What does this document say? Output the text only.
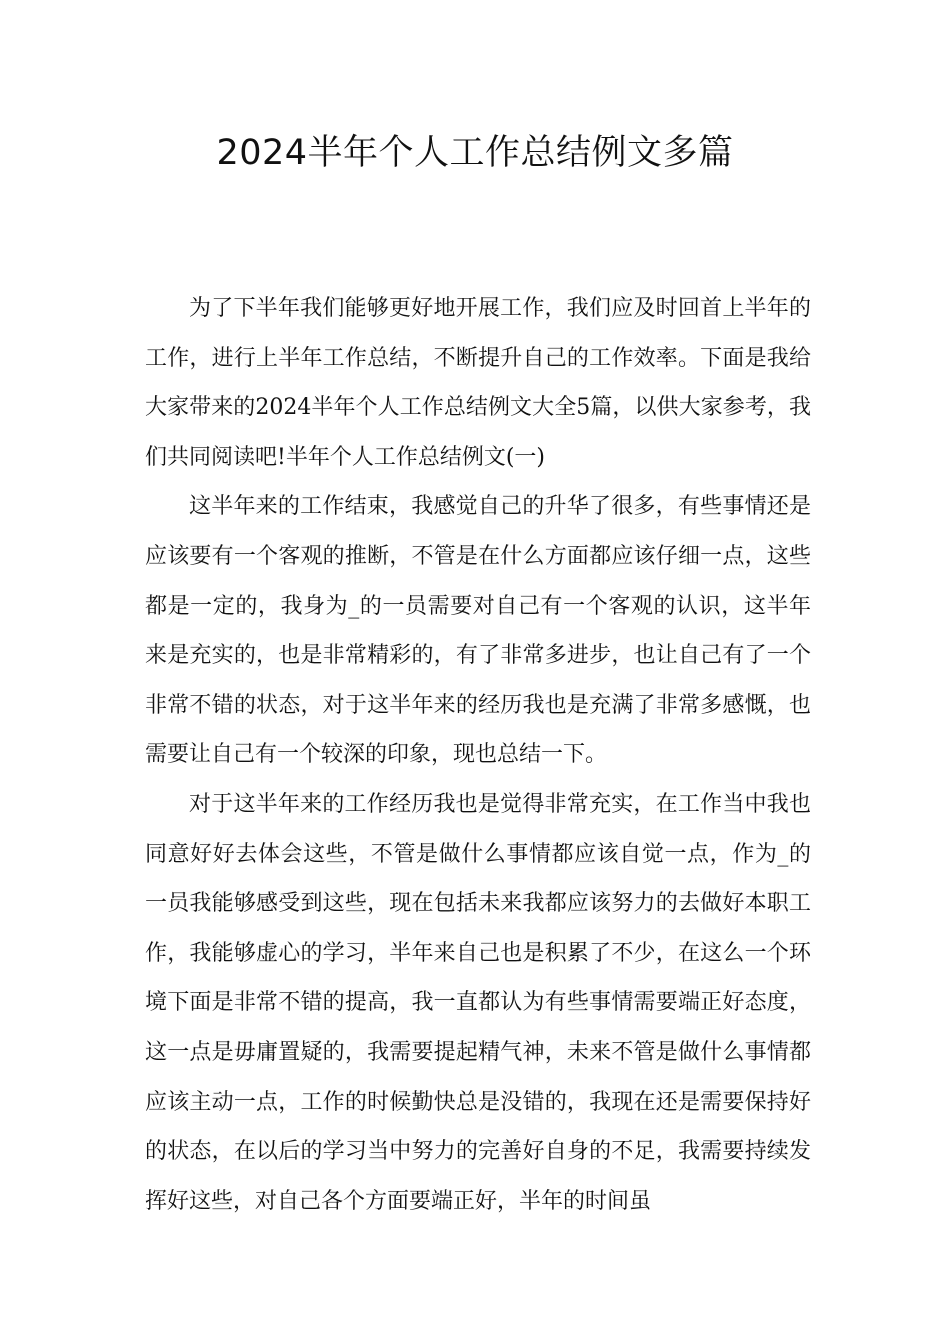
2024半年个人工作总结例文多篇

为了下半年我们能够更好地开展工作，我们应及时回首上半年的工作，进行上半年工作总结，不断提升自己的工作效率。下面是我给大家带来的2024半年个人工作总结例文大全5篇，以供大家参考，我们共同阅读吧!半年个人工作总结例文(一)

这半年来的工作结束，我感觉自己的升华了很多，有些事情还是应该要有一个客观的推断，不管是在什么方面都应该仔细一点，这些都是一定的，我身为_的一员需要对自己有一个客观的认识，这半年来是充实的，也是非常精彩的，有了非常多进步，也让自己有了一个非常不错的状态，对于这半年来的经历我也是充满了非常多感慨，也需要让自己有一个较深的印象，现也总结一下。

对于这半年来的工作经历我也是觉得非常充实，在工作当中我也同意好好去体会这些，不管是做什么事情都应该自觉一点，作为_的一员我能够感受到这些，现在包括未来我都应该努力的去做好本职工作，我能够虚心的学习，半年来自己也是积累了不少，在这么一个环境下面是非常不错的提高，我一直都认为有些事情需要端正好态度，这一点是毋庸置疑的，我需要提起精气神，未来不管是做什么事情都应该主动一点，工作的时候勤快总是没错的，我现在还是需要保持好的状态，在以后的学习当中努力的完善好自身的不足，我需要持续发挥好这些，对自己各个方面要端正好，半年的时间虽
